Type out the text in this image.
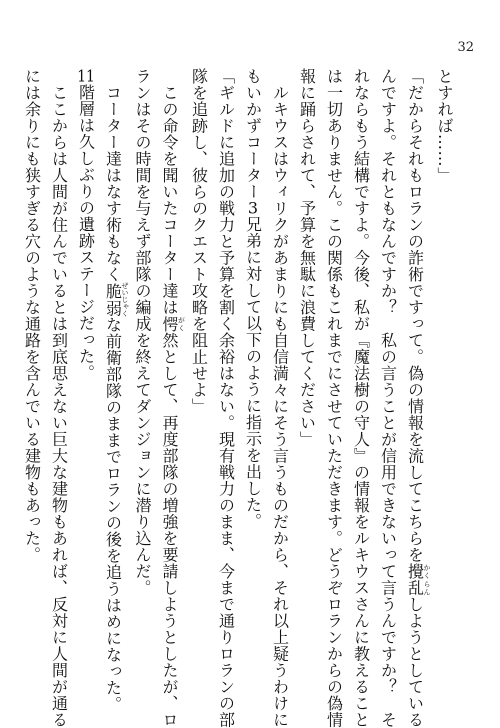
32
とすれば……」
「だからそれもロランの詐術ですって。偽の情報を流してこちらを攪乱かくらんしようとしている
んですよ。それともなんですか？　私の言うことが信用できないって言うんですか？　そ
れならもう結構ですよ。今後、私が『魔法樹の守人』の情報をルキウスさんに教えること
は一切ありません。この関係もこれまでにさせていただきます。どうぞロランからの偽情
報に踊らされて、予算を無駄に浪費してください」
　ルキウスはウィリクがあまりにも自信満々にそう言うものだから、それ以上疑うわけに
もいかずコーター3兄弟に対して以下のように指示を出した。
「ギルドに追加の戦力と予算を割く余裕はない。現有戦力のまま、今まで通りロランの部
隊を追跡し、彼らのクエスト攻略を阻止せよ」
　この命令を聞いたコーター達は愕がく然として、再度部隊の増強を要請しようとしたが、ロ
ランはその時間を与えず部隊の編成を終えてダンジョンに潜り込んだ。
　コーター達はなす術もなく脆弱ぜいじゃくな前衛部隊のままでロランの後を追うはめになった。
11階層は久しぶりの遺跡ステージだった。
　ここからは人間が住んでいるとは到底思えない巨大な建物もあれば、反対に人間が通る
には余りにも狭すぎる穴のような通路を含んでいる建物もあった。
